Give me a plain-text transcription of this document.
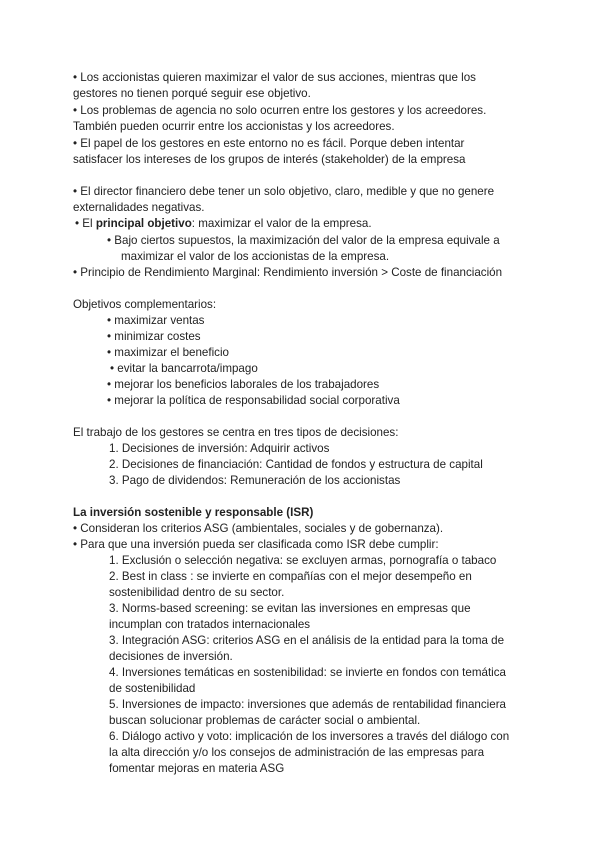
• Los accionistas quieren maximizar el valor de sus acciones, mientras que los
gestores no tienen porqué seguir ese objetivo.
• Los problemas de agencia no solo ocurren entre los gestores y los acreedores.
También pueden ocurrir entre los accionistas y los acreedores.
• El papel de los gestores en este entorno no es fácil. Porque deben intentar
satisfacer los intereses de los grupos de interés (stakeholder) de la empresa
• El director financiero debe tener un solo objetivo, claro, medible y que no genere
externalidades negativas.
• El principal objetivo: maximizar el valor de la empresa.
• Bajo ciertos supuestos, la maximización del valor de la empresa equivale a
maximizar el valor de los accionistas de la empresa.
• Principio de Rendimiento Marginal: Rendimiento inversión > Coste de financiación
Objetivos complementarios:
• maximizar ventas
• minimizar costes
• maximizar el beneficio
• evitar la bancarrota/impago
• mejorar los beneficios laborales de los trabajadores
• mejorar la política de responsabilidad social corporativa
El trabajo de los gestores se centra en tres tipos de decisiones:
1. Decisiones de inversión: Adquirir activos
2. Decisiones de financiación: Cantidad de fondos y estructura de capital
3. Pago de dividendos: Remuneración de los accionistas
La inversión sostenible y responsable (ISR)
• Consideran los criterios ASG (ambientales, sociales y de gobernanza).
• Para que una inversión pueda ser clasificada como ISR debe cumplir:
1. Exclusión o selección negativa: se excluyen armas, pornografía o tabaco
2. Best in class : se invierte en compañías con el mejor desempeño en
sostenibilidad dentro de su sector.
3. Norms-based screening: se evitan las inversiones en empresas que
incumplan con tratados internacionales
3. Integración ASG: criterios ASG en el análisis de la entidad para la toma de
decisiones de inversión.
4. Inversiones temáticas en sostenibilidad: se invierte en fondos con temática
de sostenibilidad
5. Inversiones de impacto: inversiones que además de rentabilidad financiera
buscan solucionar problemas de carácter social o ambiental.
6. Diálogo activo y voto: implicación de los inversores a través del diálogo con
la alta dirección y/o los consejos de administración de las empresas para
fomentar mejoras en materia ASG
